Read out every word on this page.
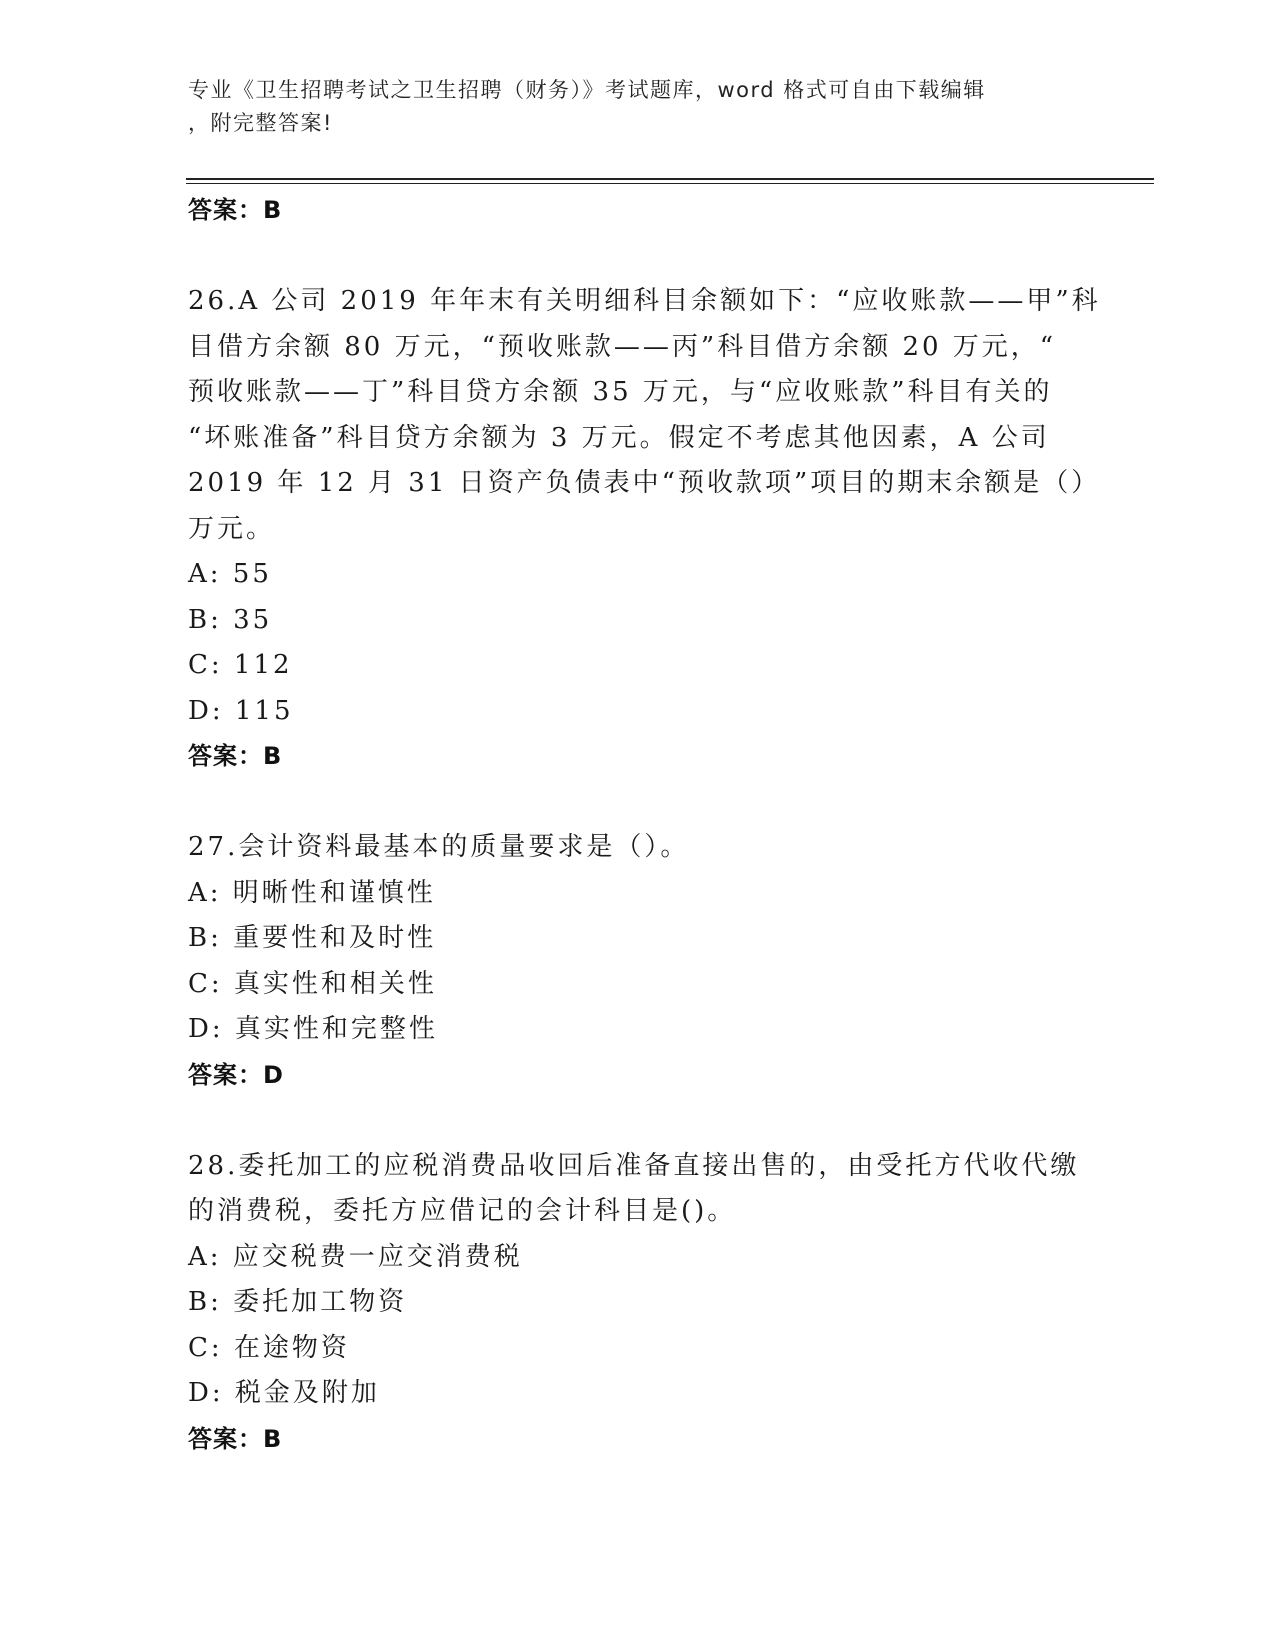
专业《卫生招聘考试之卫生招聘（财务）》考试题库，word 格式可自由下载编辑
，附完整答案!
答案：B
26.A 公司 2019 年年末有关明细科目余额如下：“应收账款——甲”科
目借方余额 80 万元，“预收账款——丙”科目借方余额 20 万元，“
预收账款——丁”科目贷方余额 35 万元，与“应收账款”科目有关的
“坏账准备”科目贷方余额为 3 万元。假定不考虑其他因素，A 公司
2019 年 12 月 31 日资产负债表中“预收款项”项目的期末余额是（）
万元。
A: 55
B: 35
C: 112
D: 115
答案：B
27.会计资料最基本的质量要求是（）。
A: 明晰性和谨慎性
B: 重要性和及时性
C: 真实性和相关性
D: 真实性和完整性
答案：D
28.委托加工的应税消费品收回后准备直接出售的，由受托方代收代缴
的消费税，委托方应借记的会计科目是()。
A: 应交税费一应交消费税
B: 委托加工物资
C: 在途物资
D: 税金及附加
答案：B
